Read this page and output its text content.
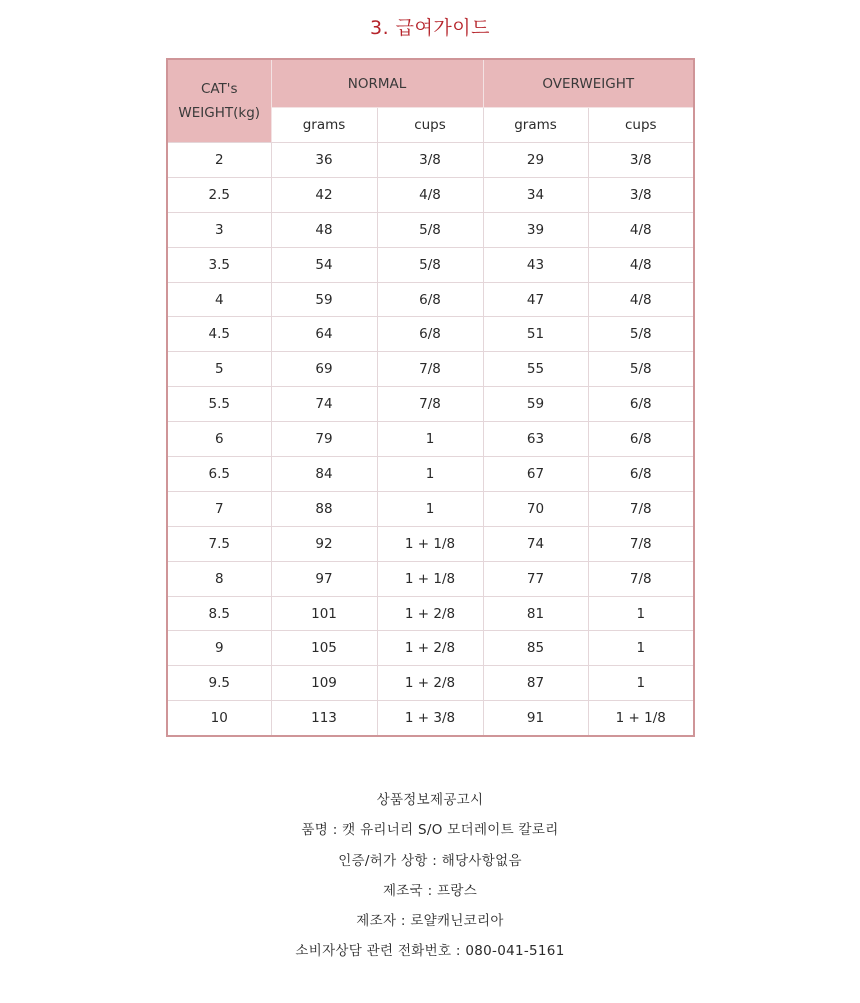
3. 급여가이드
CAT's
WEIGHT(kg)	NORMAL		OVERWEIGHT	
	grams	cups	grams	cups
2	36	3/8	29	3/8
2.5	42	4/8	34	3/8
3	48	5/8	39	4/8
3.5	54	5/8	43	4/8
4	59	6/8	47	4/8
4.5	64	6/8	51	5/8
5	69	7/8	55	5/8
5.5	74	7/8	59	6/8
6	79	1	63	6/8
6.5	84	1	67	6/8
7	88	1	70	7/8
7.5	92	1 + 1/8	74	7/8
8	97	1 + 1/8	77	7/8
8.5	101	1 + 2/8	81	1
9	105	1 + 2/8	85	1
9.5	109	1 + 2/8	87	1
10	113	1 + 3/8	91	1 + 1/8
상품정보제공고시
품명 : 캣 유리너리 S/O 모더레이트 칼로리
인증/허가 상항 : 해당사항없음
제조국 : 프랑스
제조자 : 로얄캐닌코리아
소비자상담 관련 전화번호 : 080-041-5161
